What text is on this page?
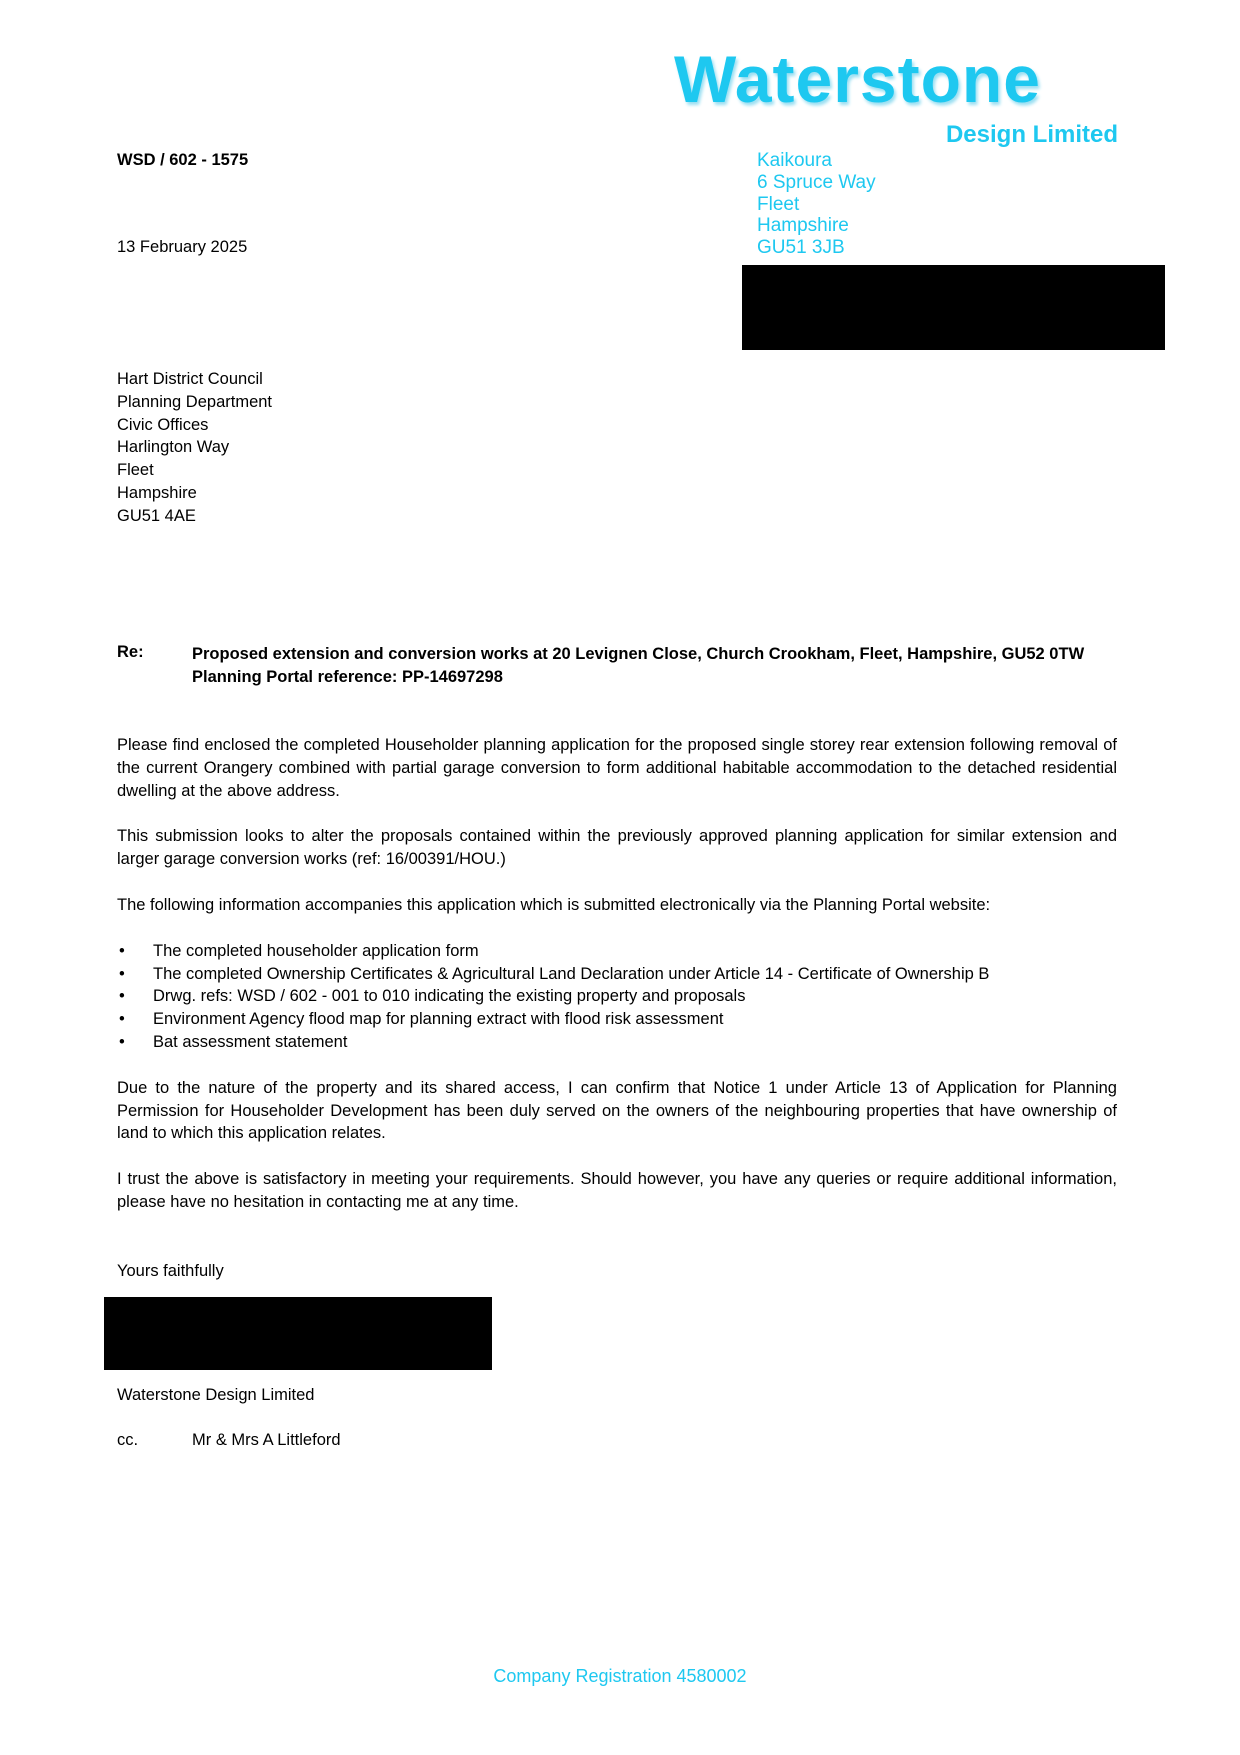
Waterstone
Design Limited
Kaikoura
6 Spruce Way
Fleet
Hampshire
GU51 3JB
WSD / 602 - 1575
13 February 2025
Hart District Council
Planning Department
Civic Offices
Harlington Way
Fleet
Hampshire
GU51 4AE
Re:	Proposed extension and conversion works at 20 Levignen Close, Church Crookham, Fleet, Hampshire, GU52 0TW
Planning Portal reference: PP-14697298

Please find enclosed the completed Householder planning application for the proposed single storey rear extension following removal of the current Orangery combined with partial garage conversion to form additional habitable accommodation to the detached residential dwelling at the above address.

This submission looks to alter the proposals contained within the previously approved planning application for similar extension and larger garage conversion works (ref: 16/00391/HOU.)

The following information accompanies this application which is submitted electronically via the Planning Portal website:

• The completed householder application form
• The completed Ownership Certificates & Agricultural Land Declaration under Article 14 - Certificate of Ownership B
• Drwg. refs: WSD / 602 - 001 to 010 indicating the existing property and proposals
• Environment Agency flood map for planning extract with flood risk assessment
• Bat assessment statement

Due to the nature of the property and its shared access, I can confirm that Notice 1 under Article 13 of Application for Planning Permission for Householder Development has been duly served on the owners of the neighbouring properties that have ownership of land to which this application relates.

I trust the above is satisfactory in meeting your requirements. Should however, you have any queries or require additional information, please have no hesitation in contacting me at any time.

Yours faithfully
Waterstone Design Limited
cc.	Mr & Mrs A Littleford
Company Registration 4580002
